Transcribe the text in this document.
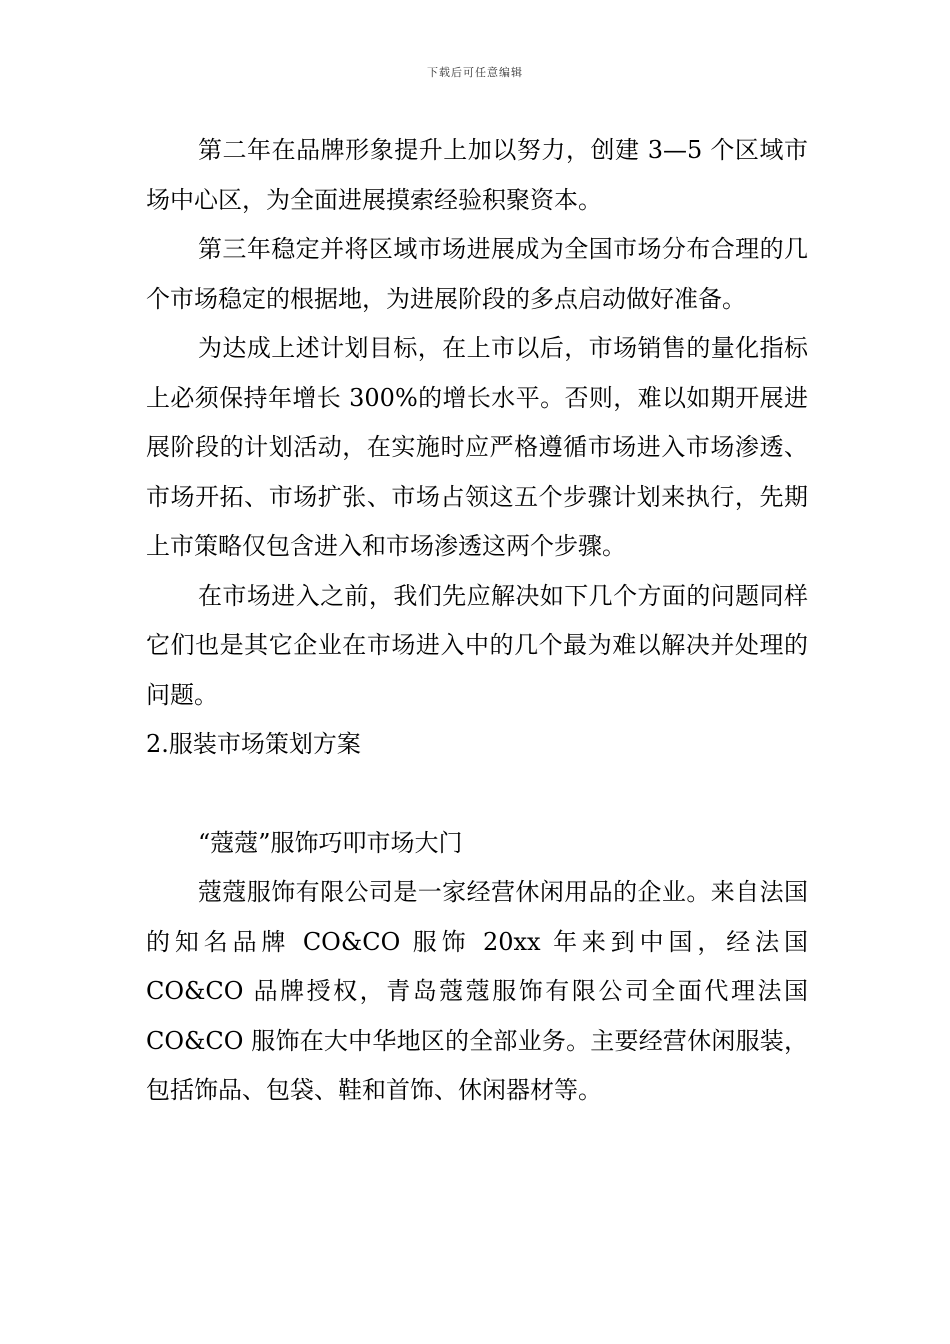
下载后可任意编辑

第二年在品牌形象提升上加以努力，创建 3—5 个区域市场中心区，为全面进展摸索经验积聚资本。

第三年稳定并将区域市场进展成为全国市场分布合理的几个市场稳定的根据地，为进展阶段的多点启动做好准备。

为达成上述计划目标，在上市以后，市场销售的量化指标上必须保持年增长 300%的增长水平。否则，难以如期开展进展阶段的计划活动，在实施时应严格遵循市场进入市场渗透、市场开拓、市场扩张、市场占领这五个步骤计划来执行，先期上市策略仅包含进入和市场渗透这两个步骤。

在市场进入之前，我们先应解决如下几个方面的问题同样它们也是其它企业在市场进入中的几个最为难以解决并处理的问题。

2.服装市场策划方案

“蔻蔻”服饰巧叩市场大门

蔻蔻服饰有限公司是一家经营休闲用品的企业。来自法国的知名品牌 CO&CO 服饰 20xx 年来到中国，经法国 CO&CO 品牌授权，青岛蔻蔻服饰有限公司全面代理法国 CO&CO 服饰在大中华地区的全部业务。主要经营休闲服装，包括饰品、包袋、鞋和首饰、休闲器材等。
